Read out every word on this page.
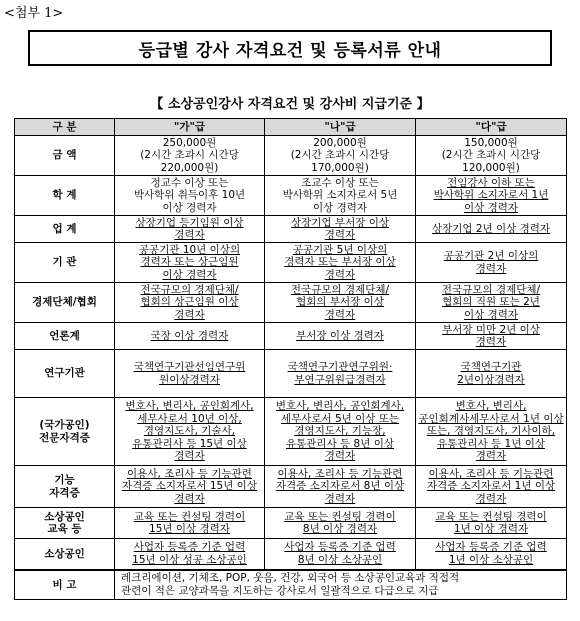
<첨부 1>
등급별 강사 자격요건 및 등록서류 안내
【 소상공인강사 자격요건 및 강사비 지급기준 】
구 분	"가"급	"나"급	"다"급
금 액	250,000원
(2시간 초과시 시간당
220,000원)	200,000원
(2시간 초과시 시간당
170,000원)	150,000원
(2시간 초과시 시간당
120,000원)
학 계	정교수 이상 또는
박사학위 취득이후 10년
이상 경력자	조교수 이상 또는
박사학위 소지자로서 5년
이상 경력자	전임강사 이하 또는
박사학위 소지자로서 1년
이상 경력자
업 계	상장기업 등기임원 이상
경력자	상장기업 부서장 이상
경력자	상장기업 2년 이상 경력자
기 관	공공기관 10년 이상의
경력자 또는 상근임원
이상 경력자	공공기관 5년 이상의
경력자 또는 부서장 이상
경력자	공공기관 2년 이상의
경력자
경제단체/협회	전국규모의 경제단체/
협회의 상근임원 이상
경력자	전국규모의 경제단체/
협회의 부서장 이상
경력자	전국규모의 경제단체/
협회의 직원 또는 2년
이상 경력자
언론계	국장 이상 경력자	부서장 이상 경력자	부서장 미만 2년 이상
경력자
연구기관	국책연구기관선임연구위
원이상경력자	국책연구기관연구위원·
부연구위원급경력자	국책연구기관
2년이상경력자
(국가공인)
전문자격증	변호사, 변리사, 공인회계사,
세무사로서 10년 이상,
경영지도사, 기술사,
유통관리사 등 15년 이상
경력자	변호사, 변리사, 공인회계사,
세무사로서 5년 이상 또는
경영지도사, 기능장,
유통관리사 등 8년 이상
경력자	변호사, 변리사,
공인회계사세무사로서 1년 이상
또는, 경영지도사, 기사이하,
유통관리사 등 1년 이상
경력자
기능
자격증	이용사, 조리사 등 기능관련
자격증 소지자로서 15년 이상
경력자	이용사, 조리사 등 기능관련
자격증 소지자로서 8년 이상
경력자	이용사, 조리사 등 기능관련
자격증 소지자로서 1년 이상
경력자
소상공인
교육 등	교육 또는 컨설팅 경력이
15년 이상 경력자	교육 또는 컨설팅 경력이
8년 이상 경력자	교육 또는 컨설팅 경력이
1년 이상 경력자
소상공인	사업자 등록증 기준 업력
15년 이상 성공 소상공인	사업자 등록증 기준 업력
8년 이상 소상공인	사업자 등록증 기준 업력
1년 이상 소상공인
비 고	레크리에이션, 기체조, POP, 웃음, 건강, 외국어 등 소상공인교육과 직접적
관련이 적은 교양과목을 지도하는 강사로서 일괄적으로 다급으로 지급		
